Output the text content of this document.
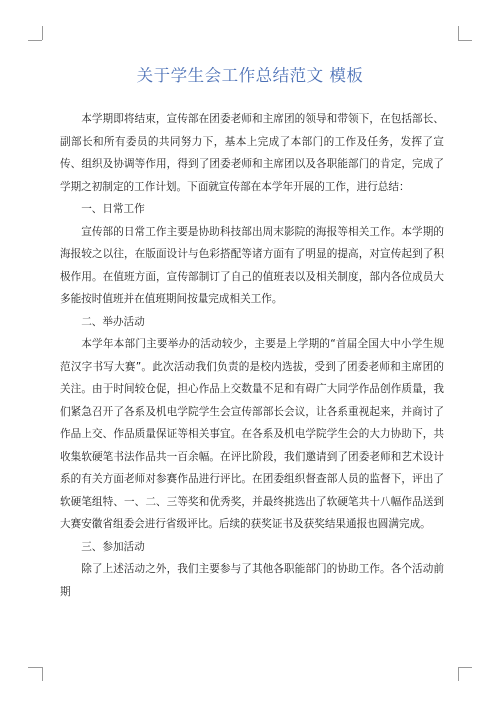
关于学生会工作总结范文 模板

本学期即将结束，宣传部在团委老师和主席团的领导和带领下，在包括部长、副部长和所有委员的共同努力下，基本上完成了本部门的工作及任务，发挥了宣传、组织及协调等作用，得到了团委老师和主席团以及各职能部门的肯定，完成了学期之初制定的工作计划。下面就宣传部在本学年开展的工作，进行总结：

一、日常工作

宣传部的日常工作主要是协助科技部出周末影院的海报等相关工作。本学期的海报较之以往，在版面设计与色彩搭配等诸方面有了明显的提高，对宣传起到了积极作用。在值班方面，宣传部制订了自己的值班表以及相关制度，部内各位成员大多能按时值班并在值班期间按量完成相关工作。

二、举办活动

本学年本部门主要举办的活动较少，主要是上学期的“首届全国大中小学生规范汉字书写大赛”。此次活动我们负责的是校内选拔，受到了团委老师和主席团的关注。由于时间较仓促，担心作品上交数量不足和有碍广大同学作品创作质量，我们紧急召开了各系及机电学院学生会宣传部部长会议，让各系重视起来，并商讨了作品上交、作品质量保证等相关事宜。在各系及机电学院学生会的大力协助下，共收集软硬笔书法作品共一百余幅。在评比阶段，我们邀请到了团委老师和艺术设计系的有关方面老师对参赛作品进行评比。在团委组织督查部人员的监督下，评出了软硬笔组特、一、二、三等奖和优秀奖，并最终挑选出了软硬笔共十八幅作品送到大赛安徽省组委会进行省级评比。后续的获奖证书及获奖结果通报也圆满完成。

三、参加活动

除了上述活动之外，我们主要参与了其他各职能部门的协助工作。各个活动前期
